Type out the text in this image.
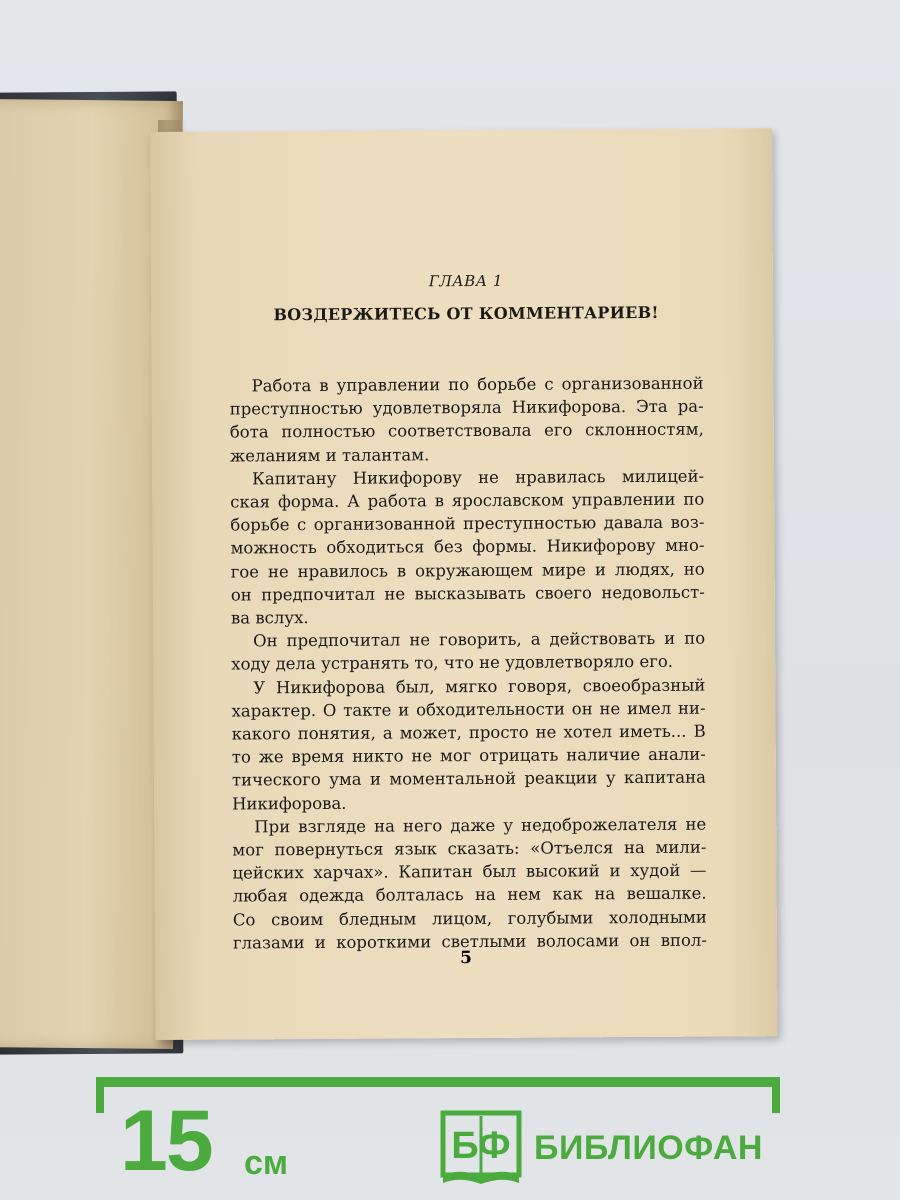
ГЛАВА 1
ВОЗДЕРЖИТЕСЬ ОТ КОММЕНТАРИЕВ!
Работа в управлении по борьбе с организованной
преступностью удовлетворяла Никифорова. Эта ра-
бота полностью соответствовала его склонностям,
желаниям и талантам.
Капитану Никифорову не нравилась милицей-
ская форма. А работа в ярославском управлении по
борьбе с организованной преступностью давала воз-
можность обходиться без формы. Никифорову мно-
гое не нравилось в окружающем мире и людях, но
он предпочитал не высказывать своего недовольст-
ва вслух.
Он предпочитал не говорить, а действовать и по
ходу дела устранять то, что не удовлетворяло его.
У Никифорова был, мягко говоря, своеобразный
характер. О такте и обходительности он не имел ни-
какого понятия, а может, просто не хотел иметь... В
то же время никто не мог отрицать наличие анали-
тического ума и моментальной реакции у капитана
Никифорова.
При взгляде на него даже у недоброжелателя не
мог повернуться язык сказать: «Отъелся на мили-
цейских харчах». Капитан был высокий и худой —
любая одежда болталась на нем как на вешалке.
Со своим бледным лицом, голубыми холодными
глазами и короткими светлыми волосами он впол-
5
15 см	БФ БИБЛИОФАН
